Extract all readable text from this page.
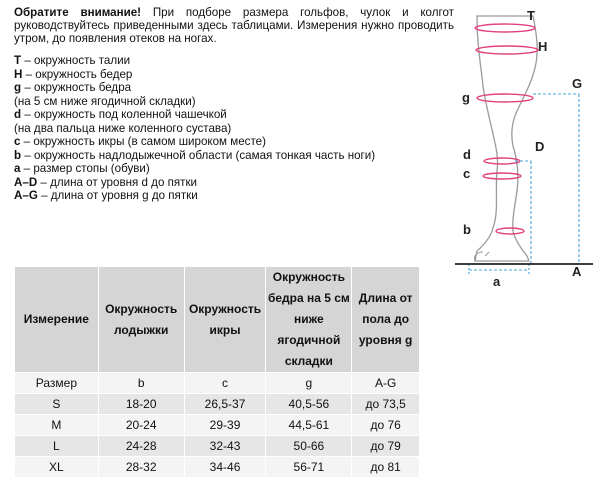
Обратите внимание! При подборе размера гольфов, чулок и колгот руководствуйтесь приведенными здесь таблицами. Измерения нужно проводить утром, до появления отеков на ногах.

T – окружность талии
H – окружность бедер
g – окружность бедра
(на 5 см ниже ягодичной складки)
d – окружность под коленной чашечкой
(на два пальца ниже коленного сустава)
c – окружность икры (в самом широком месте)
b – окружность надлодыжечной области (самая тонкая часть ноги)
a – размер стопы (обуви)
A–D – длина от уровня d до пятки
A–G – длина от уровня g до пятки
T
H
G
g
d
D
c
b
a
A
Измерение	Окружность лодыжки	Окружность икры	Окружность бедра на 5 см ниже ягодичной складки	Длина от пола до уровня g
Размер	b	c	g	A-G
S	18-20	26,5-37	40,5-56	до 73,5
M	20-24	29-39	44,5-61	до 76
L	24-28	32-43	50-66	до 79
XL	28-32	34-46	56-71	до 81
